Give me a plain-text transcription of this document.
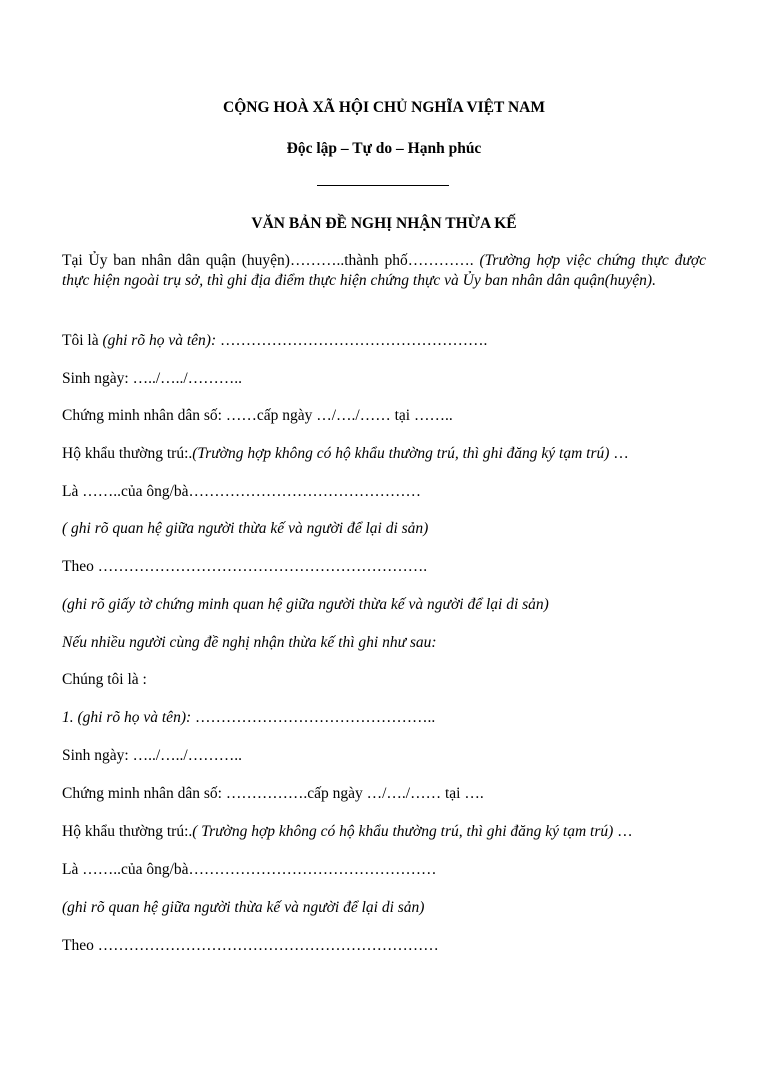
CỘNG HOÀ XÃ HỘI CHỦ NGHĨA VIỆT NAM
Độc lập – Tự do – Hạnh phúc
VĂN BẢN ĐỀ NGHỊ NHẬN THỪA KẾ
Tại Ủy ban nhân dân quận (huyện)………..thành phố…………. (Trường hợp việc chứng thực được thực hiện ngoài trụ sở, thì ghi địa điểm thực hiện chứng thực và Ủy ban nhân dân quận(huyện).
Tôi là (ghi rõ họ và tên): …………………………………………….
Sinh ngày: …../…../………..
Chứng minh nhân dân số: ……cấp ngày …/…./…… tại ……..
Hộ khẩu thường trú:.(Trường hợp không có hộ khẩu thường trú, thì ghi đăng ký tạm trú) …
Là ……..của ông/bà………………………………………
( ghi rõ quan hệ giữa người thừa kế và người để lại di sản)
Theo ……………………………………………………….
(ghi rõ giấy tờ chứng minh quan hệ giữa người thừa kế và người để lại di sản)
Nếu nhiều người cùng đề nghị nhận thừa kế thì ghi như sau:
Chúng tôi là :
1. (ghi rõ họ và tên): ………………………………………..
Sinh ngày: …../…../………..
Chứng minh nhân dân số: …………….cấp ngày …/…./…… tại ….
Hộ khẩu thường trú:.( Trường hợp không có hộ khẩu thường trú, thì ghi đăng ký tạm trú) …
Là ……..của ông/bà…………………………………………
(ghi rõ quan hệ giữa người thừa kế và người để lại di sản)
Theo …………………………………………………………
